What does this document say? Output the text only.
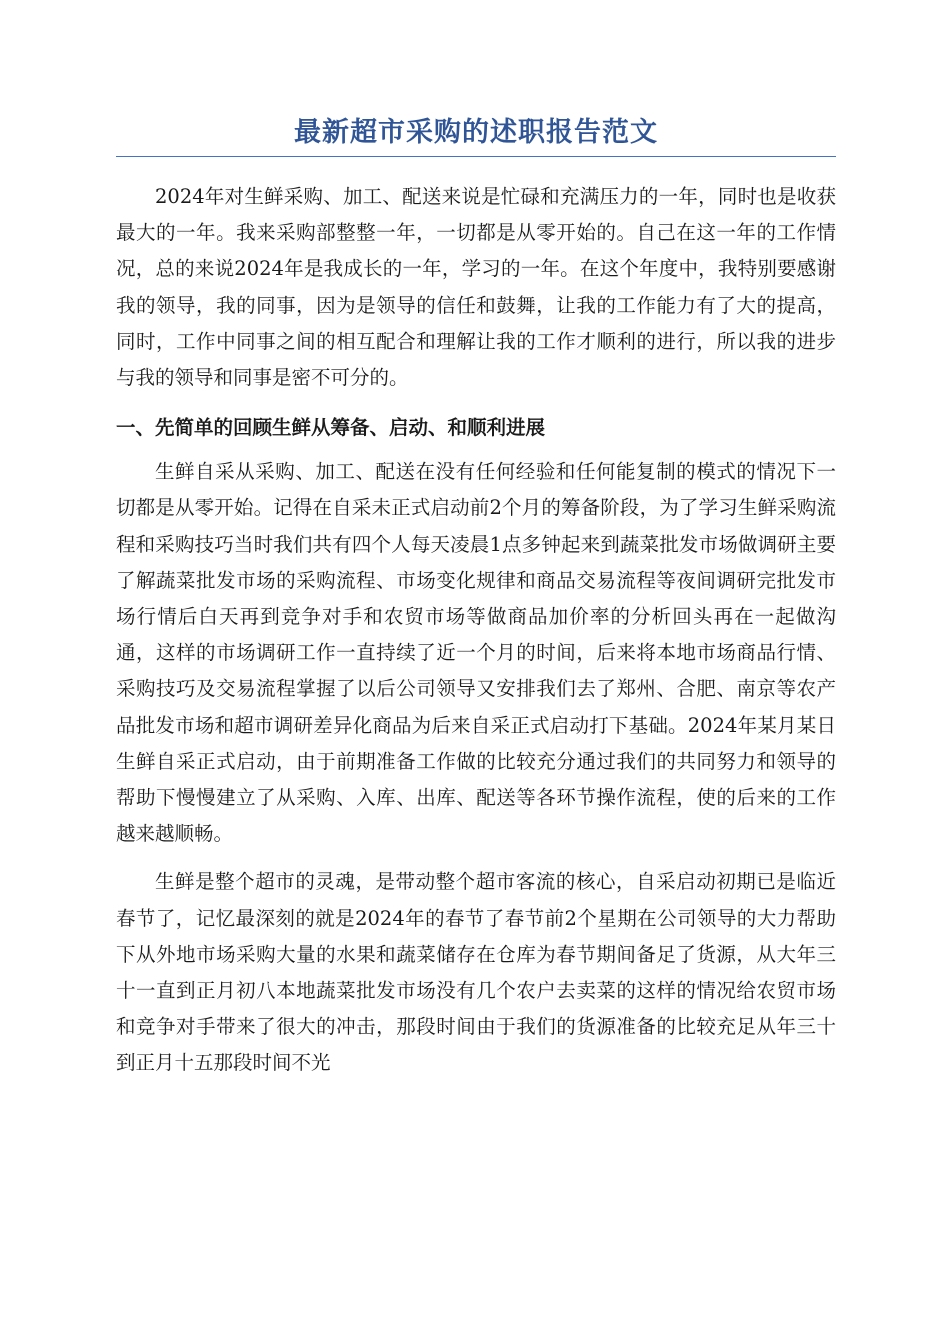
最新超市采购的述职报告范文

2024年对生鲜采购、加工、配送来说是忙碌和充满压力的一年，同时也是收获最大的一年。我来采购部整整一年，一切都是从零开始的。自己在这一年的工作情况，总的来说2024年是我成长的一年，学习的一年。在这个年度中，我特别要感谢我的领导，我的同事，因为是领导的信任和鼓舞，让我的工作能力有了大的提高，同时，工作中同事之间的相互配合和理解让我的工作才顺利的进行，所以我的进步与我的领导和同事是密不可分的。

一、先简单的回顾生鲜从筹备、启动、和顺利进展

生鲜自采从采购、加工、配送在没有任何经验和任何能复制的模式的情况下一切都是从零开始。记得在自采未正式启动前2个月的筹备阶段，为了学习生鲜采购流程和采购技巧当时我们共有四个人每天凌晨1点多钟起来到蔬菜批发市场做调研主要了解蔬菜批发市场的采购流程、市场变化规律和商品交易流程等夜间调研完批发市场行情后白天再到竞争对手和农贸市场等做商品加价率的分析回头再在一起做沟通，这样的市场调研工作一直持续了近一个月的时间，后来将本地市场商品行情、采购技巧及交易流程掌握了以后公司领导又安排我们去了郑州、合肥、南京等农产品批发市场和超市调研差异化商品为后来自采正式启动打下基础。2024年某月某日生鲜自采正式启动，由于前期准备工作做的比较充分通过我们的共同努力和领导的帮助下慢慢建立了从采购、入库、出库、配送等各环节操作流程，使的后来的工作越来越顺畅。

生鲜是整个超市的灵魂，是带动整个超市客流的核心，自采启动初期已是临近春节了，记忆最深刻的就是2024年的春节了春节前2个星期在公司领导的大力帮助下从外地市场采购大量的水果和蔬菜储存在仓库为春节期间备足了货源，从大年三十一直到正月初八本地蔬菜批发市场没有几个农户去卖菜的这样的情况给农贸市场和竞争对手带来了很大的冲击，那段时间由于我们的货源准备的比较充足从年三十到正月十五那段时间不光
